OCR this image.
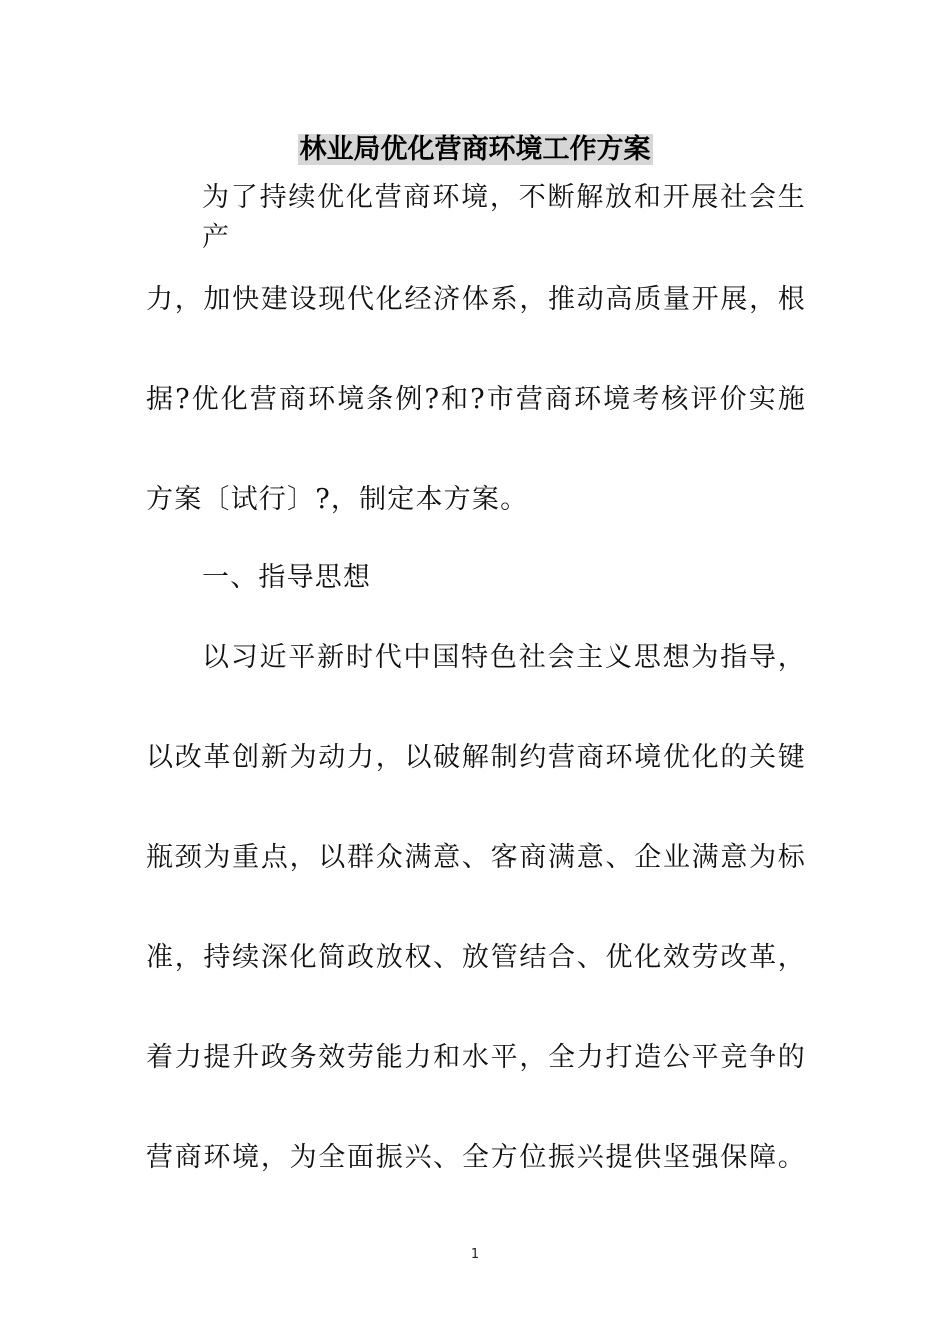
林业局优化营商环境工作方案

为了持续优化营商环境，不断解放和开展社会生产

力，加快建设现代化经济体系，推动高质量开展，根

据?优化营商环境条例?和?市营商环境考核评价实施

方案〔试行〕?，制定本方案。

一、指导思想

以习近平新时代中国特色社会主义思想为指导，

以改革创新为动力，以破解制约营商环境优化的关键

瓶颈为重点，以群众满意、客商满意、企业满意为标

准，持续深化简政放权、放管结合、优化效劳改革，

着力提升政务效劳能力和水平，全力打造公平竞争的

营商环境，为全面振兴、全方位振兴提供坚强保障。

1
